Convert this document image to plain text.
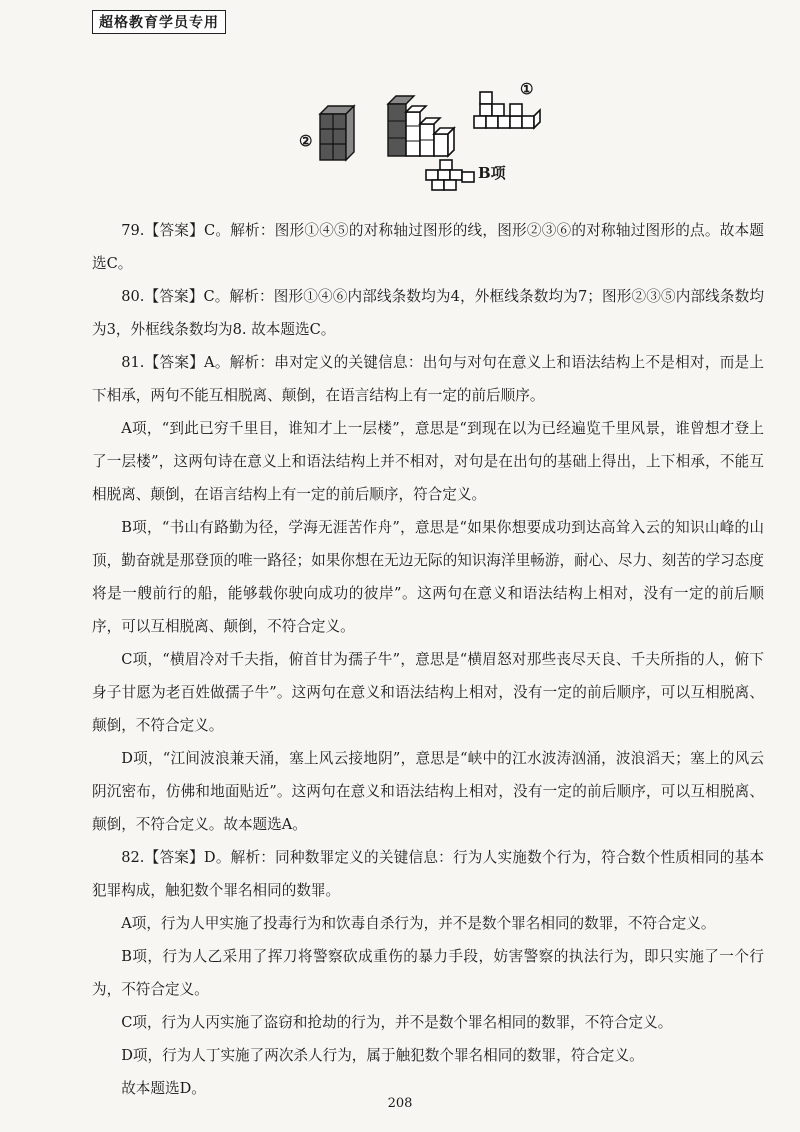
超格教育学员专用
②
①
B项

79.【答案】C。解析：图形①④⑤的对称轴过图形的线，图形②③⑥的对称轴过图形的点。故本题选C。

80.【答案】C。解析：图形①④⑥内部线条数均为4，外框线条数均为7；图形②③⑤内部线条数均为3，外框线条数均为8. 故本题选C。

81.【答案】A。解析：串对定义的关键信息：出句与对句在意义上和语法结构上不是相对，而是上下相承，两句不能互相脱离、颠倒，在语言结构上有一定的前后顺序。

A项，“到此已穷千里目，谁知才上一层楼”，意思是“到现在以为已经遍览千里风景，谁曾想才登上了一层楼”，这两句诗在意义上和语法结构上并不相对，对句是在出句的基础上得出，上下相承，不能互相脱离、颠倒，在语言结构上有一定的前后顺序，符合定义。

B项，“书山有路勤为径，学海无涯苦作舟”，意思是“如果你想要成功到达高耸入云的知识山峰的山顶，勤奋就是那登顶的唯一路径；如果你想在无边无际的知识海洋里畅游，耐心、尽力、刻苦的学习态度将是一艘前行的船，能够载你驶向成功的彼岸”。这两句在意义和语法结构上相对，没有一定的前后顺序，可以互相脱离、颠倒，不符合定义。

C项，“横眉冷对千夫指，俯首甘为孺子牛”，意思是“横眉怒对那些丧尽天良、千夫所指的人，俯下身子甘愿为老百姓做孺子牛”。这两句在意义和语法结构上相对，没有一定的前后顺序，可以互相脱离、颠倒，不符合定义。

D项，“江间波浪兼天涌，塞上风云接地阴”，意思是“峡中的江水波涛汹涌，波浪滔天；塞上的风云阴沉密布，仿佛和地面贴近”。这两句在意义和语法结构上相对，没有一定的前后顺序，可以互相脱离、颠倒，不符合定义。故本题选A。

82.【答案】D。解析：同种数罪定义的关键信息：行为人实施数个行为，符合数个性质相同的基本犯罪构成，触犯数个罪名相同的数罪。

A项，行为人甲实施了投毒行为和饮毒自杀行为，并不是数个罪名相同的数罪，不符合定义。

B项，行为人乙采用了挥刀将警察砍成重伤的暴力手段，妨害警察的执法行为，即只实施了一个行为，不符合定义。

C项，行为人丙实施了盗窃和抢劫的行为，并不是数个罪名相同的数罪，不符合定义。

D项，行为人丁实施了两次杀人行为，属于触犯数个罪名相同的数罪，符合定义。

故本题选D。

208
